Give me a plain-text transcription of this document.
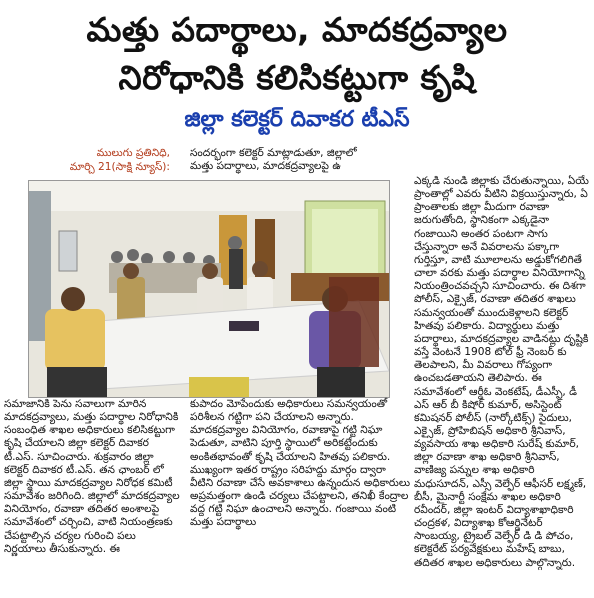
మత్తు పదార్థాలు, మాదకద్రవ్యాల
నిరోధానికి కలిసికట్టుగా కృషి
జిల్లా కలెక్టర్ దివాకర టీఎస్
ములుగు ప్రతినిధి,
మార్చి 21(సాక్షి న్యూస్):

సందర్భంగా కలెక్టర్ మాట్లాడుతూ, జిల్లాలో మత్తు పదార్థాలు, మాదకద్రవ్యాలపై ఉ

ఎక్కడి నుండి జిల్లాకు చేరుతున్నాయి, ఏయే ప్రాంతాల్లో ఎవరు వీటిని విక్రయిస్తున్నారు, ఏ ప్రాంతాలకు జిల్లా మీదుగా రవాణా జరుగుతోంది, స్థానికంగా ఎక్కడైనా గంజాయిని అంతర పంటగా సాగు చేస్తున్నారా అనే వివరాలను పక్కాగా గుర్తిస్తూ, వాటి మూలాలను అడ్డుకోగలిగితే చాలా వరకు మత్తు పదార్థాల వినియోగాన్ని నియంత్రించవచ్చని సూచించారు. ఈ దిశగా పోలీస్, ఎక్సైజ్, రవాణా తదితర శాఖలు సమన్వయంతో ముందుకెళ్లాలని కలెక్టర్ హితవు పలికారు. విద్యార్థులు మత్తు పదార్థాలు, మాదకద్రవ్యాల వాడినట్లు దృష్టికి వస్తే వెంటనే 1908 టోల్ ఫ్రీ నెంబర్ కు తెలపాలని, మీ వివరాలు గోప్యంగా ఉంచబడతాయని తెలిపారు. ఈ సమావేశంలో ఆర్డీఓ వెంకటేష్, డీఎస్పీ, డీ ఎస్ ఆర్ బీ కిషోర్ కుమార్, అసిస్టెంట్ కమిషనర్ పోలీస్ (నార్కోటిక్స్) సైదులు, ఎక్సైజ్, ప్రోహిబిషన్ అధికారి శ్రీనివాస్, వ్యవసాయ శాఖ అధికారి సురేష్ కుమార్, జిల్లా రవాణా శాఖ అధికారి శ్రీనివాస్, వాణిజ్య పన్నుల శాఖ అధికారి మధుసూదన్, ఎస్సీ వెల్ఫేర్ ఆఫీసర్ లక్ష్మణ్, బీసీ, మైనార్టీ సంక్షేమ శాఖల అధికారి రవీందర్, జిల్లా ఇంటర్ విద్యాశాఖాధికారి చంద్రకళ, విద్యాశాఖ కోఆర్డినేటర్ సాంబయ్య, ట్రైబల్ వెల్ఫేర్ డి డి పోచం, కలెక్టరేట్ పర్యవేక్షకులు మహేష్ బాబు, తదితర శాఖల అధికారులు పాల్గొన్నారు.

సమాజానికి పెను సవాలుగా మారిన మాదకద్రవ్యాలు, మత్తు పదార్థాల నిరోధానికి సంబంధిత శాఖల అధికారులు కలిసికట్టుగా కృషి చేయాలని జిల్లా కలెక్టర్ దివాకర టీ.ఎస్. సూచించారు. శుక్రవారం జిల్లా కలెక్టర్ దివాకర టీ.ఎస్. తన ఛాంబర్ లో జిల్లా స్థాయి మాదకద్రవ్యాల నిరోధక కమిటీ సమావేశం జరిగింది. జిల్లాలో మాదకద్రవ్యాల వినియోగం, రవాణా తదితర అంశాలపై సమావేశంలో చర్చించి, వాటి నియంత్రణకు చేపట్టాల్సిన చర్యల గురించి పలు నిర్ణయాలు తీసుకున్నారు. ఈ

కుపాదం మోపేందుకు అధికారులు సమన్వయంతో పరిశీలన గట్టిగా పని చేయాలని అన్నారు. మాదకద్రవ్యాల వినియోగం, రవాణాపై గట్టి నిఘా పెడుతూ, వాటిని పూర్తి స్థాయిలో అరికట్టేందుకు అంకితభావంతో కృషి చేయాలని హితవు పలికారు. ముఖ్యంగా ఇతర రాష్ట్రం సరిహద్దు మార్గం ద్వారా వీటిని రవాణా చేసే అవకాశాలు ఉన్నందున అధికారులు అప్రమత్తంగా ఉండి చర్యలు చేపట్టాలని, తనిఖీ కేంద్రాల వద్ద గట్టి నిఘా ఉంచాలని అన్నారు. గంజాయి వంటి మత్తు పదార్థాలు
